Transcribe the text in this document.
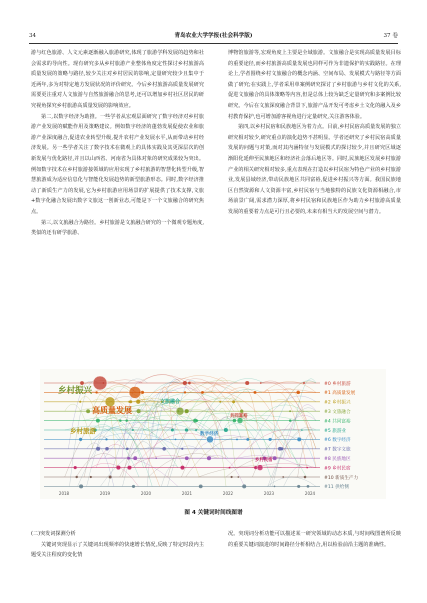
34	青岛农业大学学报(社会科学版)	37 卷

游与红色旅游、人文元素逐渐融入旅游研究,体现了旅游学科发展的趋势和社会需求的导向性。现有研究多从乡村旅游产业整体角度定性探讨乡村旅游高质量发展的策略与路径,较少关注对乡村居民的影响,定量研究较少且集中于近两年,多为对特定地方发展状况的评价研究。今后乡村旅游高质量发展研究需要更注重对人文旅游与自然旅游融合的思考,还可以增加乡村社区居民的研究视角探究乡村旅游高质量发展的影响效应。

第二,以数字经济为助推。一些学者从宏观层面研究了数字经济对乡村旅游产业发展的赋能作用及策略建议。例如数字经济的蓬勃发展促使农业和旅游产业深度融合,促进农业转型升级,提升农村产业发展水平,从而带动乡村经济发展。另一些学者关注了数字技术在微观上的具体实践及其更深层次的创新发展与优化路径,并且以山西省、河南省为具体对象的研究成果较为突出。例如数字技术在乡村旅游接领域的应用实现了乡村旅游的智慧化转型升级,智慧旅游成为适应信息化与智能化发展趋势的新型旅游形态。同时,数字经济推动了新质生产力的发展,它为乡村旅游应用场景的扩展提供了技术支撑,文旅+数字化融合发展出数字文旅这一创新业态,可能是下一个文旅融合的研究焦点。

第三,以文旅融合为路径。乡村旅游是文旅融合研究的一个微观专题角度,类似的还有研学旅游、

博物馆旅游等,宏观角度上主要是全域旅游。文旅融合是实现高质量发展目标的重要途径,而乡村旅游高质量发展也同样可作为非遗保护的实践路径。在理论上,学者围绕乡村文旅融合的概念内涵、空间布局、发展模式与路径等方面做了研究;在实践上,学者采用单案例研究探讨了乡村旅游与乡村文化的关系,促进文旅融合的具体策略等内容,但是总体上较为缺乏定量研究和多案例比较研究。今后在文旅深度融合背景下,旅游产品开发可考虑乡土文化的融入及乡村教育保护,也可增加游客视角进行定量研究,关注游客体验。

第四,以乡村民宿和民族地区为着力点。目前,乡村民宿高质量发展的独立研究相对较少,研究重点的演化趋势不甚明显。学者还研究了乡村民宿高质量发展的问题与对策,而对其内涵特征与发展模式的探讨较少,并且研究区域逐渐阳化延伸至民族地区和经济社会落后地区等。同时,民族地区发展乡村旅游产业的相关研究相对较多,重点表现在打造以乡村民宿为特色产业的乡村旅游业,发展县域经济,带动民族地区共同富裕,促进乡村振兴等方面。我国民族地区自然资源和人文资源丰富,乡村民宿与当地独特的民族文化资源相融合,市场前景广阔,需求潜力深厚,将乡村民宿和民族地区作为助力乡村旅游高质量发展的重要着力点是可行且必要的,未来有相当大的发展空间与潜力。

2018	2019	2020	2021	2022	2023	2024
#0 乡村旅游
#1 高质量发展
#2 乡村振兴
#3 文旅融合
#4 共同富裕
#5 旅游业
#6 数字经济
#7 数字文旅
#8 民族地区
#9 乡村民宿
#10 新质生产力
#11 供给侧
乡村振兴
高质量发展
乡村旅游
文旅融合
数字经济
共同富裕
乡村民宿
图 4 关键词时间线图谱
(二)突发词探测分析

关键词突现显示了关键词出现频率的快速增长情况,反映了特定时段内主题受关注程度的变化情

况。突现词分析功能可以描述某一研究领域的动态本质,与时间线图谱所反映的重要关键词演进的时间路径分析相结合,用以检验前沿主题的准确性。
